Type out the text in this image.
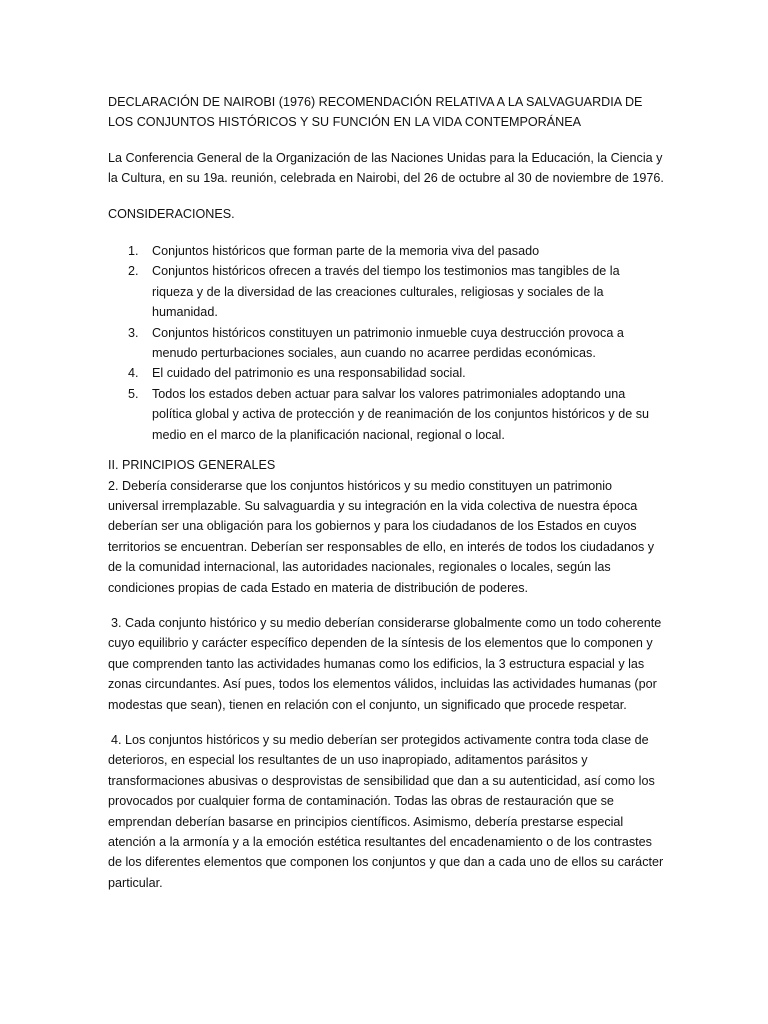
DECLARACIÓN DE NAIROBI (1976) RECOMENDACIÓN RELATIVA A LA SALVAGUARDIA DE LOS CONJUNTOS HISTÓRICOS Y SU FUNCIÓN EN LA VIDA CONTEMPORÁNEA

La Conferencia General de la Organización de las Naciones Unidas para la Educación, la Ciencia y la Cultura, en su 19a. reunión, celebrada en Nairobi, del 26 de octubre al 30 de noviembre de 1976.

CONSIDERACIONES.

1. Conjuntos históricos que forman parte de la memoria viva del pasado
2. Conjuntos históricos ofrecen a través del tiempo los testimonios mas tangibles de la riqueza y de la diversidad de las creaciones culturales, religiosas y sociales de la humanidad.
3. Conjuntos históricos constituyen un patrimonio inmueble cuya destrucción provoca a menudo perturbaciones sociales, aun cuando no acarree perdidas económicas.
4. El cuidado del patrimonio es una responsabilidad social.
5. Todos los estados deben actuar para salvar los valores patrimoniales adoptando una política global y activa de protección y de reanimación de los conjuntos históricos y de su medio en el marco de la planificación nacional, regional o local.
II. PRINCIPIOS GENERALES

2. Debería considerarse que los conjuntos históricos y su medio constituyen un patrimonio universal irremplazable. Su salvaguardia y su integración en la vida colectiva de nuestra época deberían ser una obligación para los gobiernos y para los ciudadanos de los Estados en cuyos territorios se encuentran. Deberían ser responsables de ello, en interés de todos los ciudadanos y de la comunidad internacional, las autoridades nacionales, regionales o locales, según las condiciones propias de cada Estado en materia de distribución de poderes.

3. Cada conjunto histórico y su medio deberían considerarse globalmente como un todo coherente cuyo equilibrio y carácter específico dependen de la síntesis de los elementos que lo componen y que comprenden tanto las actividades humanas como los edificios, la 3 estructura espacial y las zonas circundantes. Así pues, todos los elementos válidos, incluidas las actividades humanas (por modestas que sean), tienen en relación con el conjunto, un significado que procede respetar.

4. Los conjuntos históricos y su medio deberían ser protegidos activamente contra toda clase de deterioros, en especial los resultantes de un uso inapropiado, aditamentos parásitos y transformaciones abusivas o desprovistas de sensibilidad que dan a su autenticidad, así como los provocados por cualquier forma de contaminación. Todas las obras de restauración que se emprendan deberían basarse en principios científicos. Asimismo, debería prestarse especial atención a la armonía y a la emoción estética resultantes del encadenamiento o de los contrastes de los diferentes elementos que componen los conjuntos y que dan a cada uno de ellos su carácter particular.
